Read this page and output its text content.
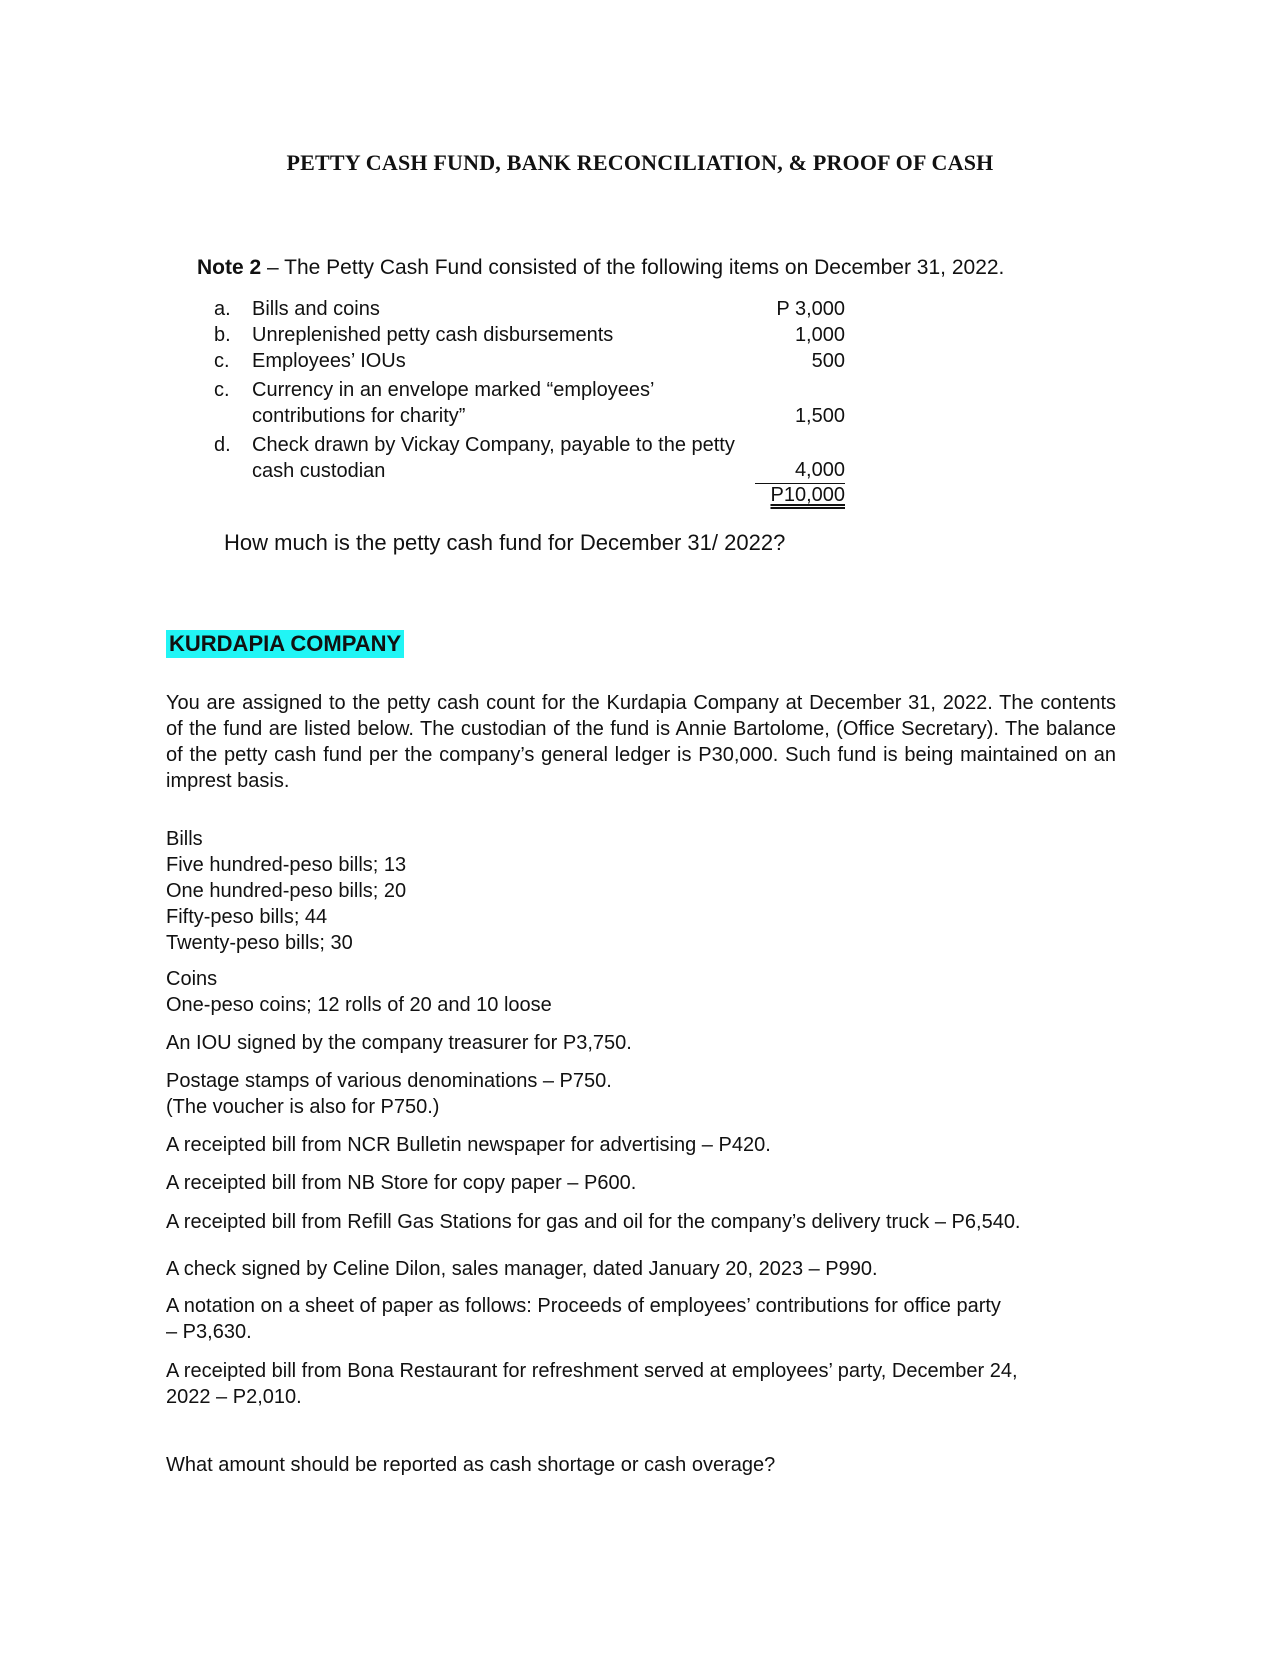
PETTY CASH FUND, BANK RECONCILIATION, & PROOF OF CASH
Note 2 – The Petty Cash Fund consisted of the following items on December 31, 2022.
a.	Bills and coins	P 3,000
b.	Unreplenished petty cash disbursements	1,000
c.	Employees’ IOUs	500
c.	Currency in an envelope marked “employees’ contributions for charity”	1,500
d.	Check drawn by Vickay Company, payable to the petty cash custodian	4,000
P10,000
How much is the petty cash fund for December 31/ 2022?
KURDAPIA COMPANY
You are assigned to the petty cash count for the Kurdapia Company at December 31, 2022. The contents of the fund are listed below. The custodian of the fund is Annie Bartolome, (Office Secretary). The balance of the petty cash fund per the company’s general ledger is P30,000. Such fund is being maintained on an imprest basis.

Bills

Five hundred-peso bills; 13

One hundred-peso bills; 20

Fifty-peso bills; 44

Twenty-peso bills; 30

Coins

One-peso coins; 12 rolls of 20 and 10 loose

An IOU signed by the company treasurer for P3,750.

Postage stamps of various denominations – P750.

(The voucher is also for P750.)

A receipted bill from NCR Bulletin newspaper for advertising – P420.

A receipted bill from NB Store for copy paper – P600.

A receipted bill from Refill Gas Stations for gas and oil for the company’s delivery truck – P6,540.

A check signed by Celine Dilon, sales manager, dated January 20, 2023 – P990.

A notation on a sheet of paper as follows: Proceeds of employees’ contributions for office party

– P3,630.

A receipted bill from Bona Restaurant for refreshment served at employees’ party, December 24,

2022 – P2,010.

What amount should be reported as cash shortage or cash overage?
